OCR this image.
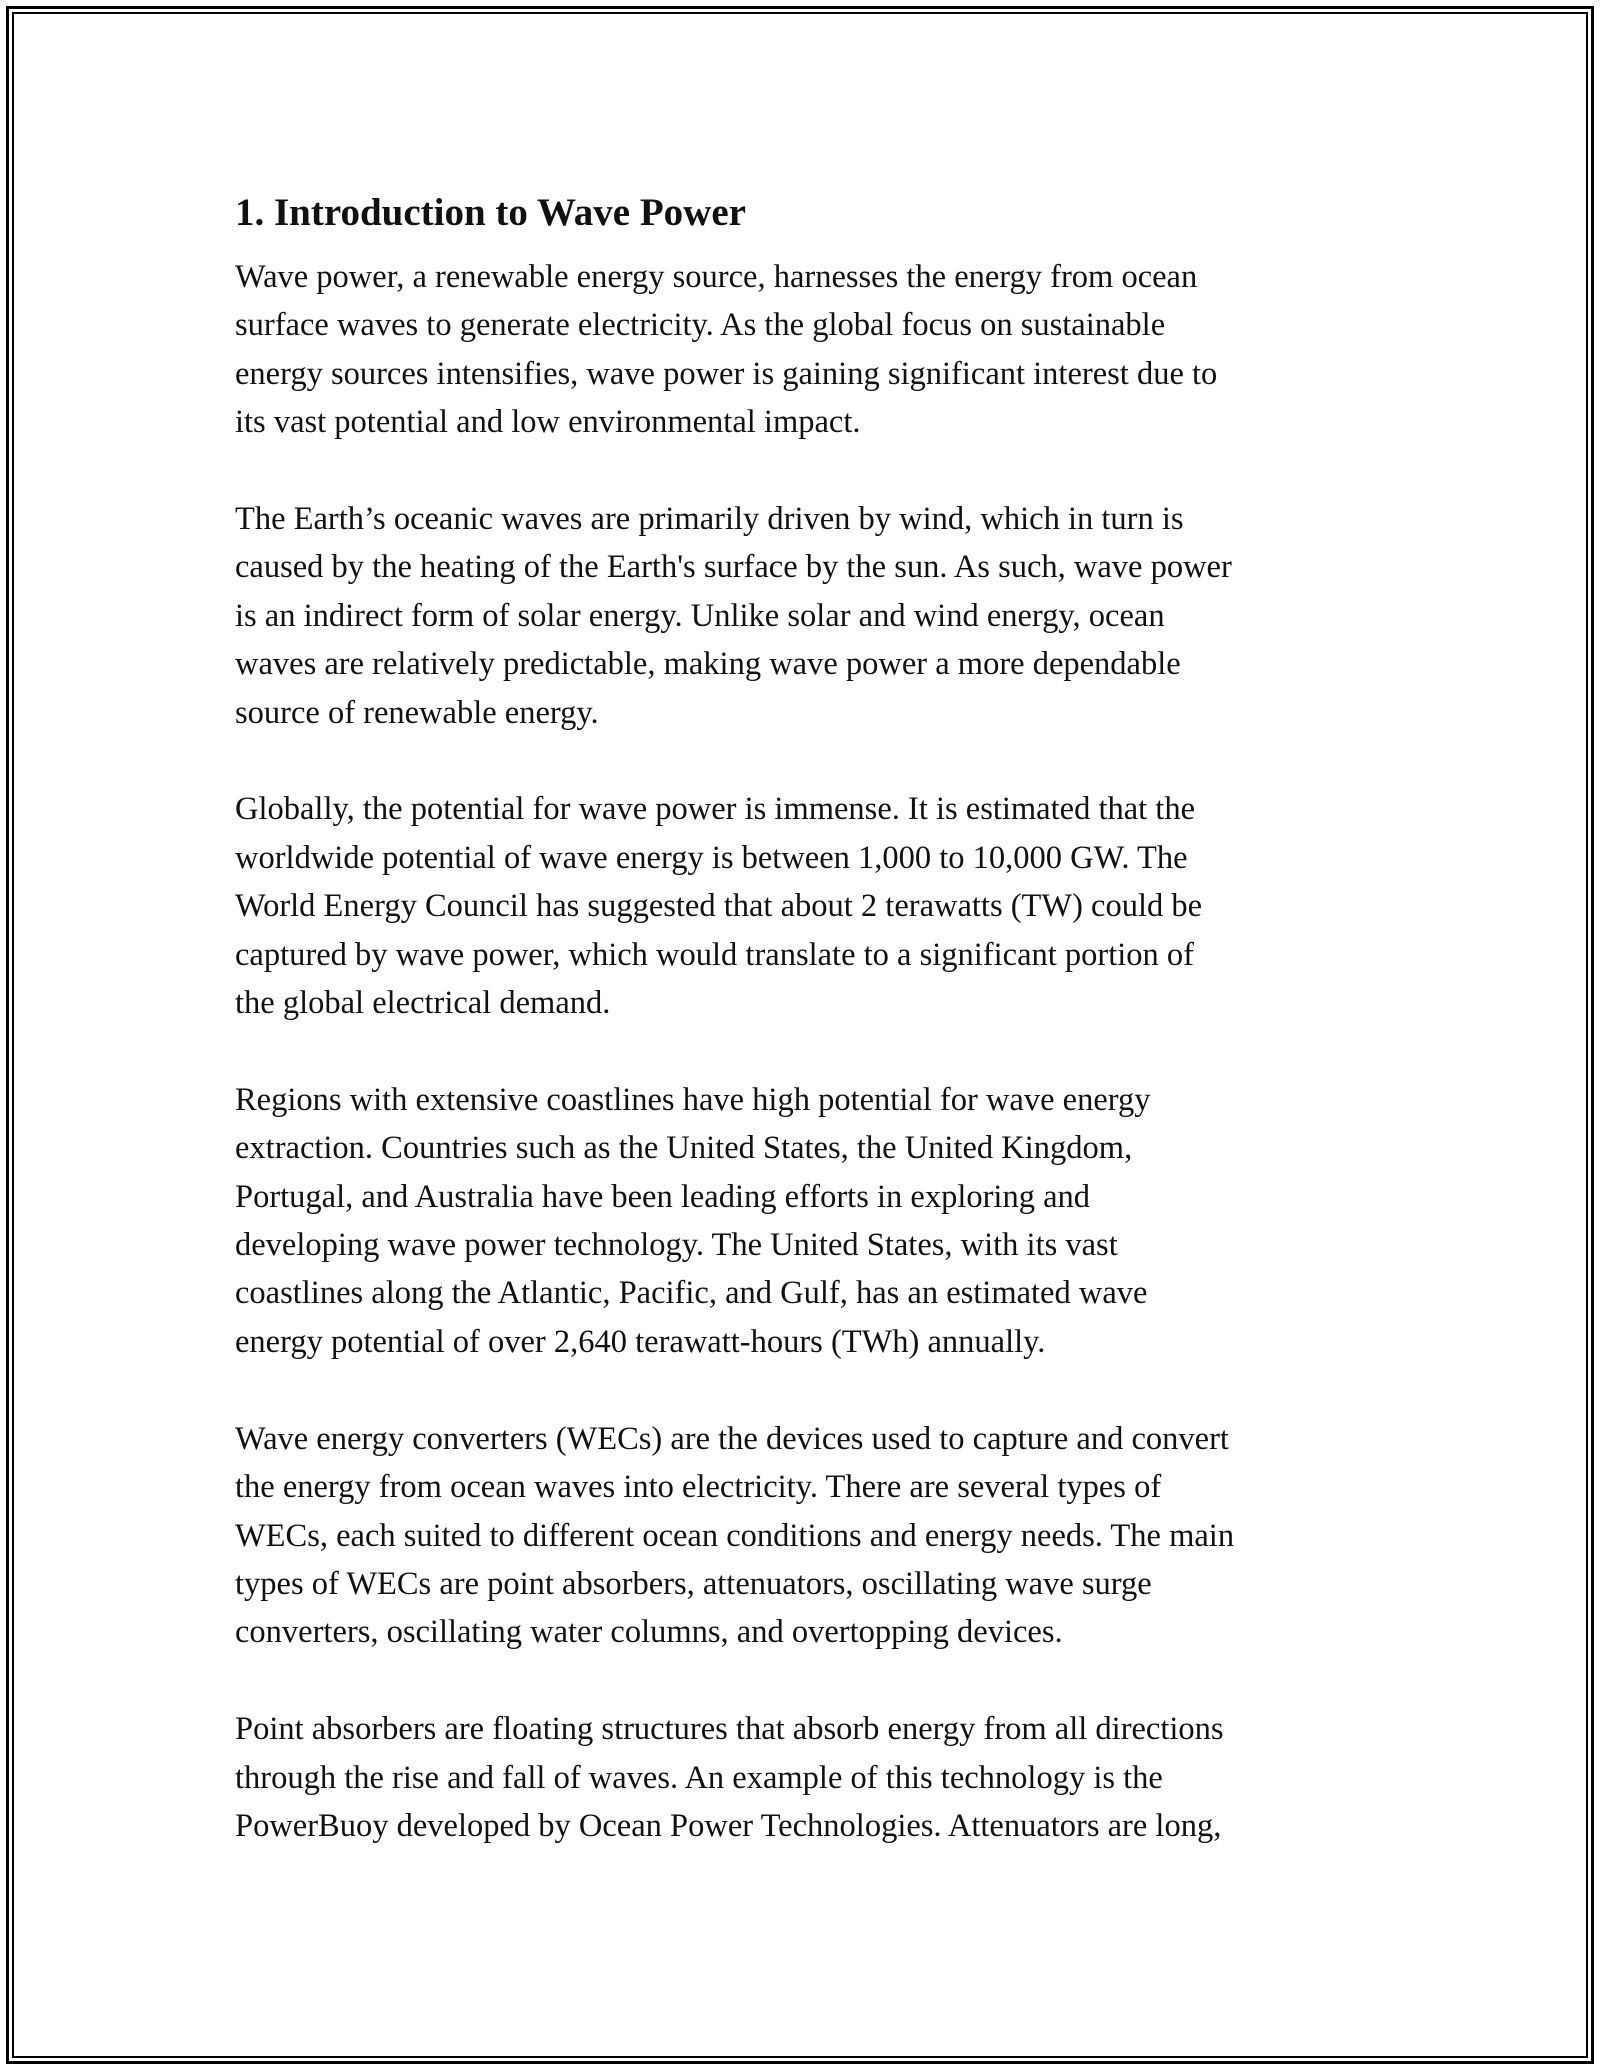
1. Introduction to Wave Power

Wave power, a renewable energy source, harnesses the energy from ocean
surface waves to generate electricity. As the global focus on sustainable
energy sources intensifies, wave power is gaining significant interest due to
its vast potential and low environmental impact.

The Earth’s oceanic waves are primarily driven by wind, which in turn is
caused by the heating of the Earth's surface by the sun. As such, wave power
is an indirect form of solar energy. Unlike solar and wind energy, ocean
waves are relatively predictable, making wave power a more dependable
source of renewable energy.

Globally, the potential for wave power is immense. It is estimated that the
worldwide potential of wave energy is between 1,000 to 10,000 GW. The
World Energy Council has suggested that about 2 terawatts (TW) could be
captured by wave power, which would translate to a significant portion of
the global electrical demand.

Regions with extensive coastlines have high potential for wave energy
extraction. Countries such as the United States, the United Kingdom,
Portugal, and Australia have been leading efforts in exploring and
developing wave power technology. The United States, with its vast
coastlines along the Atlantic, Pacific, and Gulf, has an estimated wave
energy potential of over 2,640 terawatt-hours (TWh) annually.

Wave energy converters (WECs) are the devices used to capture and convert
the energy from ocean waves into electricity. There are several types of
WECs, each suited to different ocean conditions and energy needs. The main
types of WECs are point absorbers, attenuators, oscillating wave surge
converters, oscillating water columns, and overtopping devices.

Point absorbers are floating structures that absorb energy from all directions
through the rise and fall of waves. An example of this technology is the
PowerBuoy developed by Ocean Power Technologies. Attenuators are long,
